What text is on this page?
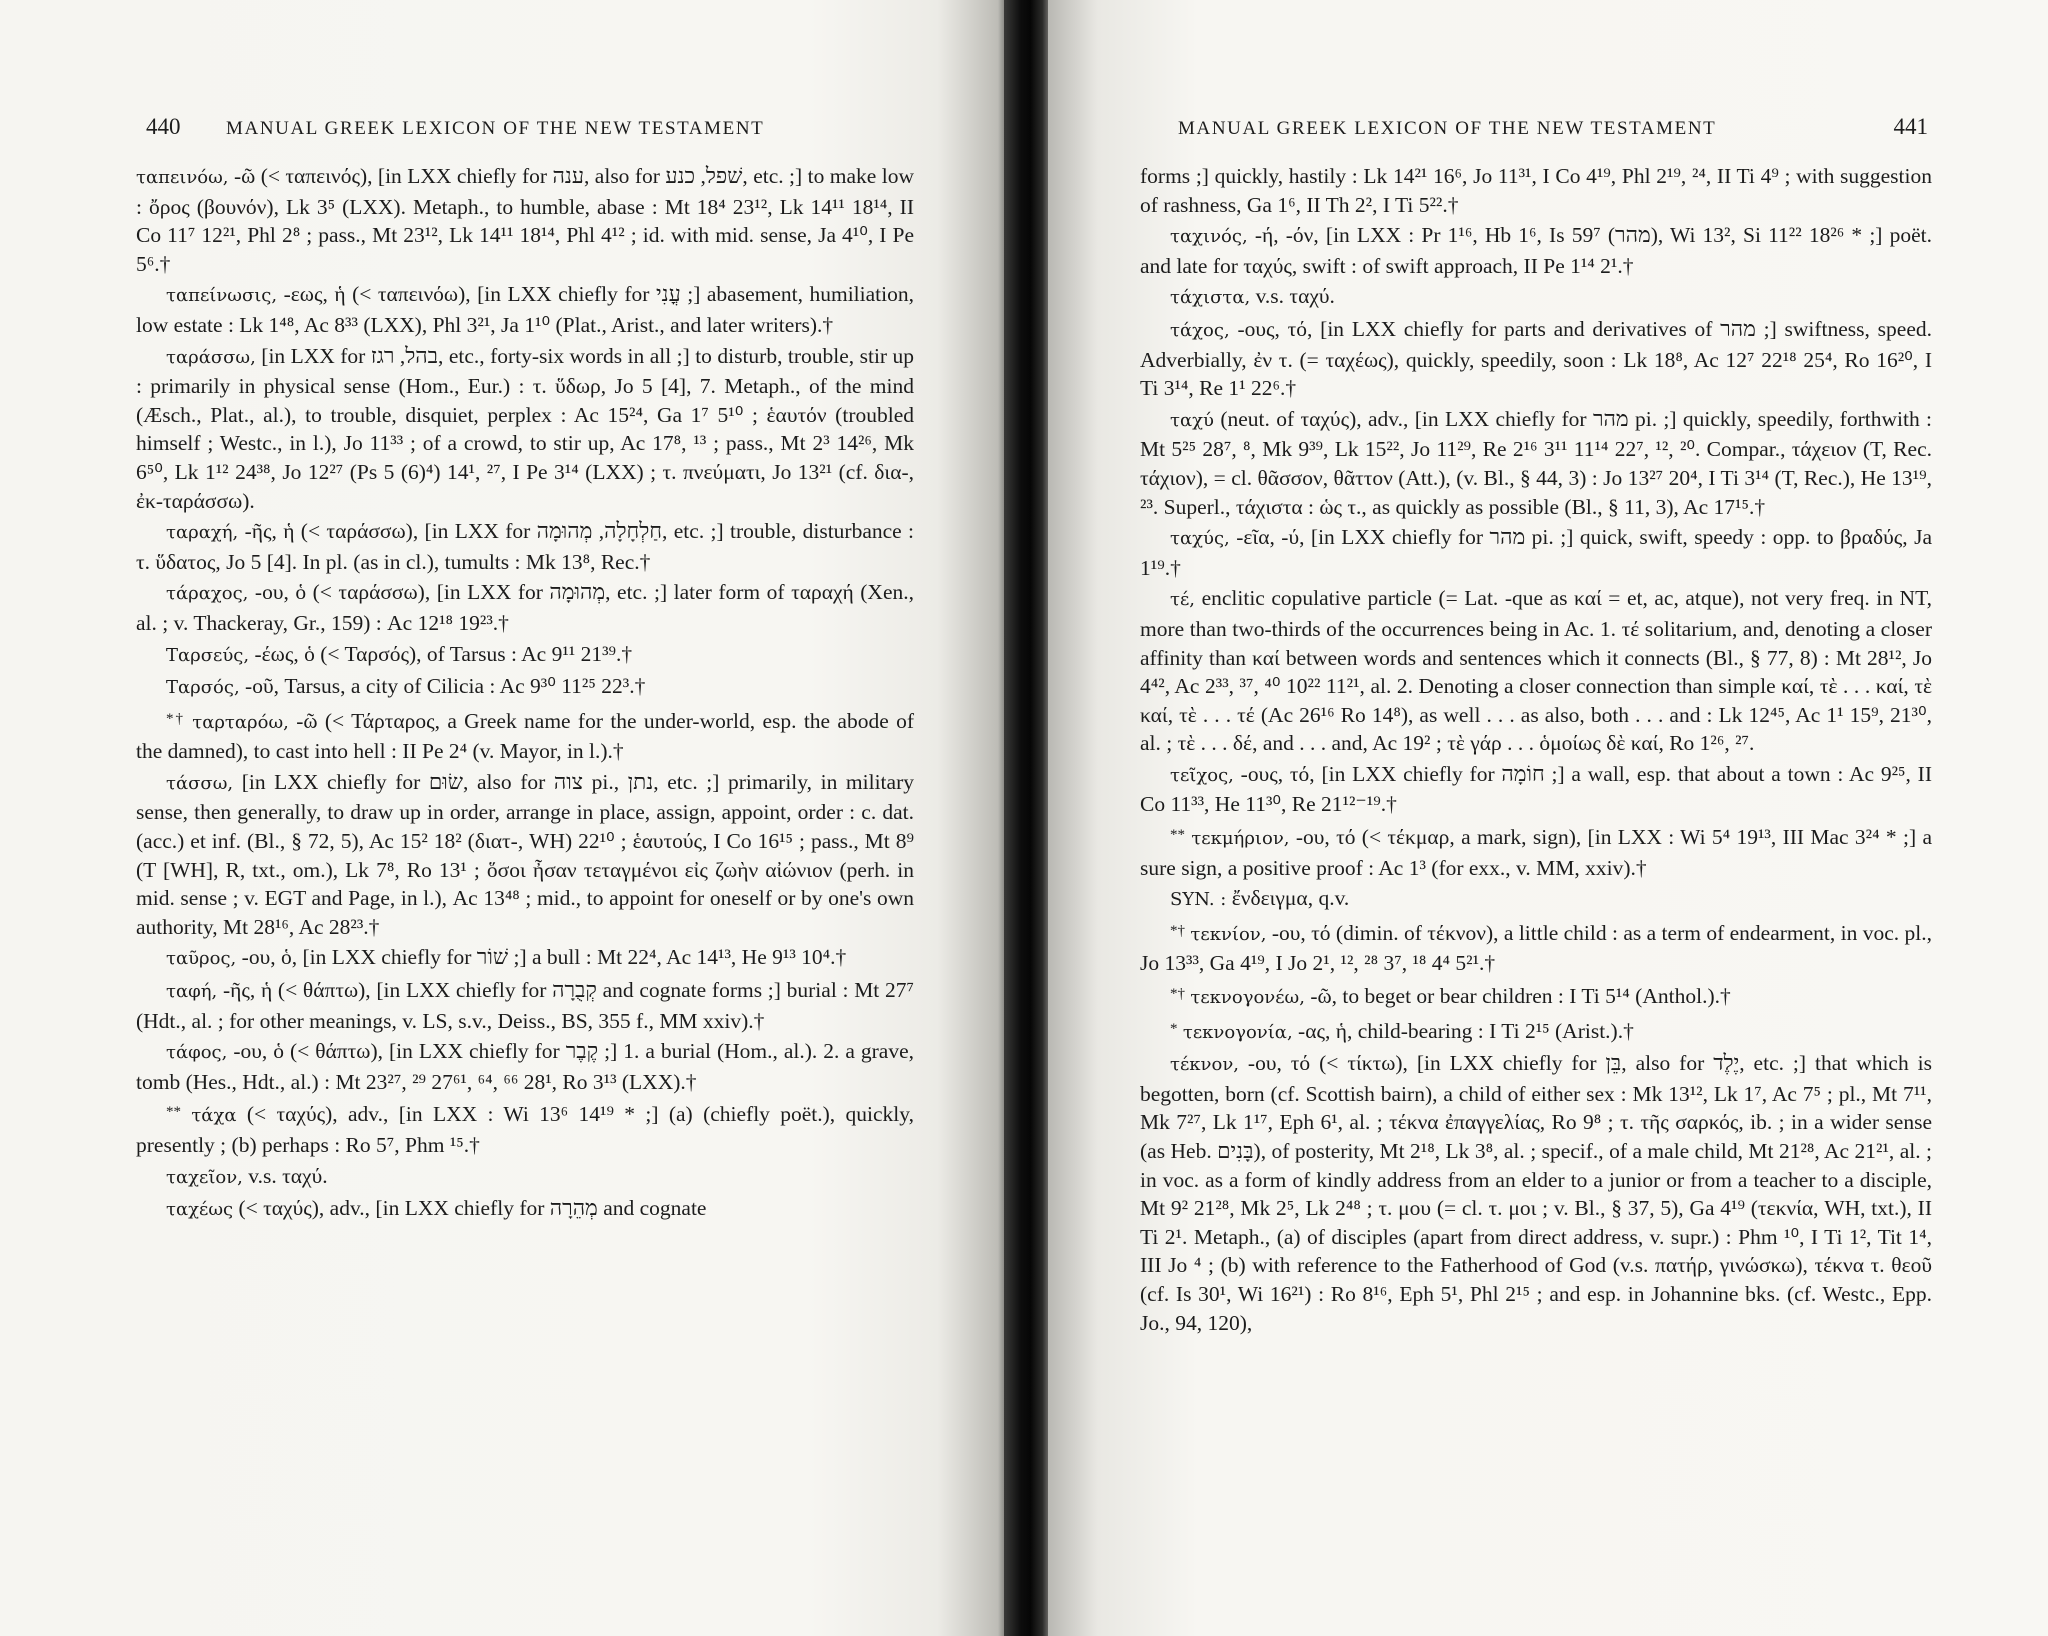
440 MANUAL GREEK LEXICON OF THE NEW TESTAMENT

ταπεινόω, -ῶ (< ταπεινός), [in LXX chiefly for ענה, also for שׁפל, כנע, etc. ;] to make low : ὄρος (βουνόν), Lk 3⁵ (LXX). Metaph., to humble, abase : Mt 18⁴ 23¹², Lk 14¹¹ 18¹⁴, II Co 11⁷ 12²¹, Phl 2⁸ ; pass., Mt 23¹², Lk 14¹¹ 18¹⁴, Phl 4¹² ; id. with mid. sense, Ja 4¹⁰, I Pe 5⁶.†

ταπείνωσις, -εως, ἡ (< ταπεινόω), [in LXX chiefly for עֳנִי ;] abasement, humiliation, low estate : Lk 1⁴⁸, Ac 8³³ (LXX), Phl 3²¹, Ja 1¹⁰ (Plat., Arist., and later writers).†

ταράσσω, [in LXX for בהל, רגז, etc., forty-six words in all ;] to disturb, trouble, stir up : primarily in physical sense (Hom., Eur.) : τ. ὕδωρ, Jo 5 [4], 7. Metaph., of the mind (Æsch., Plat., al.), to trouble, disquiet, perplex : Ac 15²⁴, Ga 1⁷ 5¹⁰ ; ἑαυτόν (troubled himself ; Westc., in l.), Jo 11³³ ; of a crowd, to stir up, Ac 17⁸, ¹³ ; pass., Mt 2³ 14²⁶, Mk 6⁵⁰, Lk 1¹² 24³⁸, Jo 12²⁷ (Ps 5 (6)⁴) 14¹, ²⁷, I Pe 3¹⁴ (LXX) ; τ. πνεύματι, Jo 13²¹ (cf. δια-, ἐκ-ταράσσω).

ταραχή, -ῆς, ἡ (< ταράσσω), [in LXX for חַלְחָלָה, מְהוּמָה, etc. ;] trouble, disturbance : τ. ὕδατος, Jo 5 [4]. In pl. (as in cl.), tumults : Mk 13⁸, Rec.†

τάραχος, -ου, ὁ (< ταράσσω), [in LXX for מְהוּמָה, etc. ;] later form of ταραχή (Xen., al. ; v. Thackeray, Gr., 159) : Ac 12¹⁸ 19²³.†

Ταρσεύς, -έως, ὁ (< Ταρσός), of Tarsus : Ac 9¹¹ 21³⁹.†

Ταρσός, -οῦ, Tarsus, a city of Cilicia : Ac 9³⁰ 11²⁵ 22³.†

*† ταρταρόω, -ῶ (< Τάρταρος, a Greek name for the under-world, esp. the abode of the damned), to cast into hell : II Pe 2⁴ (v. Mayor, in l.).†

τάσσω, [in LXX chiefly for שׂוּם, also for צוה pi., נתן, etc. ;] primarily, in military sense, then generally, to draw up in order, arrange in place, assign, appoint, order : c. dat. (acc.) et inf. (Bl., § 72, 5), Ac 15² 18² (διατ-, WH) 22¹⁰ ; ἑαυτούς, I Co 16¹⁵ ; pass., Mt 8⁹ (T [WH], R, txt., om.), Lk 7⁸, Ro 13¹ ; ὅσοι ἦσαν τεταγμένοι εἰς ζωὴν αἰώνιον (perh. in mid. sense ; v. EGT and Page, in l.), Ac 13⁴⁸ ; mid., to appoint for oneself or by one's own authority, Mt 28¹⁶, Ac 28²³.†

ταῦρος, -ου, ὁ, [in LXX chiefly for שׁוֹר ;] a bull : Mt 22⁴, Ac 14¹³, He 9¹³ 10⁴.†

ταφή, -ῆς, ἡ (< θάπτω), [in LXX chiefly for קְבֻרָה and cognate forms ;] burial : Mt 27⁷ (Hdt., al. ; for other meanings, v. LS, s.v., Deiss., BS, 355 f., MM xxiv).†

τάφος, -ου, ὁ (< θάπτω), [in LXX chiefly for קֶבֶר ;] 1. a burial (Hom., al.). 2. a grave, tomb (Hes., Hdt., al.) : Mt 23²⁷, ²⁹ 27⁶¹, ⁶⁴, ⁶⁶ 28¹, Ro 3¹³ (LXX).†

** τάχα (< ταχύς), adv., [in LXX : Wi 13⁶ 14¹⁹ * ;] (a) (chiefly poët.), quickly, presently ; (b) perhaps : Ro 5⁷, Phm ¹⁵.†

ταχεῖον, v.s. ταχύ.

ταχέως (< ταχύς), adv., [in LXX chiefly for מְהֵרָה and cognate

MANUAL GREEK LEXICON OF THE NEW TESTAMENT	441

forms ;] quickly, hastily : Lk 14²¹ 16⁶, Jo 11³¹, I Co 4¹⁹, Phl 2¹⁹, ²⁴, II Ti 4⁹ ; with suggestion of rashness, Ga 1⁶, II Th 2², I Ti 5²².†

ταχινός, -ή, -όν, [in LXX : Pr 1¹⁶, Hb 1⁶, Is 59⁷ (מהר), Wi 13², Si 11²² 18²⁶ * ;] poët. and late for ταχύς, swift : of swift approach, II Pe 1¹⁴ 2¹.†

τάχιστα, v.s. ταχύ.

τάχος, -ους, τό, [in LXX chiefly for parts and derivatives of מהר ;] swiftness, speed. Adverbially, ἐν τ. (= ταχέως), quickly, speedily, soon : Lk 18⁸, Ac 12⁷ 22¹⁸ 25⁴, Ro 16²⁰, I Ti 3¹⁴, Re 1¹ 22⁶.†

ταχύ (neut. of ταχύς), adv., [in LXX chiefly for מהר pi. ;] quickly, speedily, forthwith : Mt 5²⁵ 28⁷, ⁸, Mk 9³⁹, Lk 15²², Jo 11²⁹, Re 2¹⁶ 3¹¹ 11¹⁴ 22⁷, ¹², ²⁰. Compar., τάχειον (T, Rec. τάχιον), = cl. θᾶσσον, θᾶττον (Att.), (v. Bl., § 44, 3) : Jo 13²⁷ 20⁴, I Ti 3¹⁴ (T, Rec.), He 13¹⁹, ²³. Superl., τάχιστα : ὡς τ., as quickly as possible (Bl., § 11, 3), Ac 17¹⁵.†

ταχύς, -εῖα, -ύ, [in LXX chiefly for מהר pi. ;] quick, swift, speedy : opp. to βραδύς, Ja 1¹⁹.†

τέ, enclitic copulative particle (= Lat. -que as καί = et, ac, atque), not very freq. in NT, more than two-thirds of the occurrences being in Ac. 1. τέ solitarium, and, denoting a closer affinity than καί between words and sentences which it connects (Bl., § 77, 8) : Mt 28¹², Jo 4⁴², Ac 2³³, ³⁷, ⁴⁰ 10²² 11²¹, al. 2. Denoting a closer connection than simple καί, τὲ . . . καί, τὲ καί, τὲ . . . τέ (Ac 26¹⁶ Ro 14⁸), as well . . . as also, both . . . and : Lk 12⁴⁵, Ac 1¹ 15⁹, 21³⁰, al. ; τὲ . . . δέ, and . . . and, Ac 19² ; τὲ γάρ . . . ὁμοίως δὲ καί, Ro 1²⁶, ²⁷.

τεῖχος, -ους, τό, [in LXX chiefly for חוֹמָה ;] a wall, esp. that about a town : Ac 9²⁵, II Co 11³³, He 11³⁰, Re 21¹²⁻¹⁹.†

** τεκμήριον, -ου, τό (< τέκμαρ, a mark, sign), [in LXX : Wi 5⁴ 19¹³, III Mac 3²⁴ * ;] a sure sign, a positive proof : Ac 1³ (for exx., v. MM, xxiv).†

SYN. : ἔνδειγμα, q.v.

*† τεκνίον, -ου, τό (dimin. of τέκνον), a little child : as a term of endearment, in voc. pl., Jo 13³³, Ga 4¹⁹, I Jo 2¹, ¹², ²⁸ 3⁷, ¹⁸ 4⁴ 5²¹.†

*† τεκνογονέω, -ῶ, to beget or bear children : I Ti 5¹⁴ (Anthol.).†

* τεκνογονία, -ας, ἡ, child-bearing : I Ti 2¹⁵ (Arist.).†

τέκνον, -ου, τό (< τίκτω), [in LXX chiefly for בֵּן, also for יֶלֶד, etc. ;] that which is begotten, born (cf. Scottish bairn), a child of either sex : Mk 13¹², Lk 1⁷, Ac 7⁵ ; pl., Mt 7¹¹, Mk 7²⁷, Lk 1¹⁷, Eph 6¹, al. ; τέκνα ἐπαγγελίας, Ro 9⁸ ; τ. τῆς σαρκός, ib. ; in a wider sense (as Heb. בָּנִים), of posterity, Mt 2¹⁸, Lk 3⁸, al. ; specif., of a male child, Mt 21²⁸, Ac 21²¹, al. ; in voc. as a form of kindly address from an elder to a junior or from a teacher to a disciple, Mt 9² 21²⁸, Mk 2⁵, Lk 2⁴⁸ ; τ. μου (= cl. τ. μοι ; v. Bl., § 37, 5), Ga 4¹⁹ (τεκνία, WH, txt.), II Ti 2¹. Metaph., (a) of disciples (apart from direct address, v. supr.) : Phm ¹⁰, I Ti 1², Tit 1⁴, III Jo ⁴ ; (b) with reference to the Fatherhood of God (v.s. πατήρ, γινώσκω), τέκνα τ. θεοῦ (cf. Is 30¹, Wi 16²¹) : Ro 8¹⁶, Eph 5¹, Phl 2¹⁵ ; and esp. in Johannine bks. (cf. Westc., Epp. Jo., 94, 120),
